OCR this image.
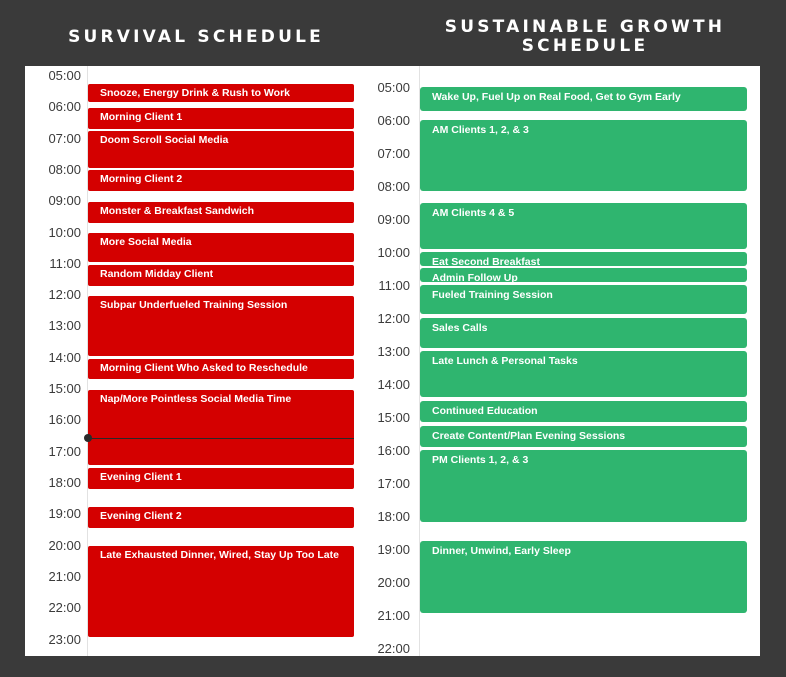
SURVIVAL SCHEDULE	SUSTAINABLE GROWTH SCHEDULE
05:00
06:00
07:00
08:00
09:00
10:00
11:00
12:00
13:00
14:00
15:00
16:00
17:00
18:00
19:00
20:00
21:00
22:00
23:00
Snooze, Energy Drink & Rush to Work
Morning Client 1
Doom Scroll Social Media
Morning Client 2
Monster & Breakfast Sandwich
More Social Media
Random Midday Client
Subpar Underfueled Training Session
Morning Client Who Asked to Reschedule
Nap/More Pointless Social Media Time
Evening Client 1
Evening Client 2
Late Exhausted Dinner, Wired, Stay Up Too Late
05:00
06:00
07:00
08:00
09:00
10:00
11:00
12:00
13:00
14:00
15:00
16:00
17:00
18:00
19:00
20:00
21:00
22:00
Wake Up, Fuel Up on Real Food, Get to Gym Early
AM Clients 1, 2, & 3
AM Clients 4 & 5
Eat Second Breakfast
Admin Follow Up
Fueled Training Session
Sales Calls
Late Lunch & Personal Tasks
Continued Education
Create Content/Plan Evening Sessions
PM Clients 1, 2, & 3
Dinner, Unwind, Early Sleep
